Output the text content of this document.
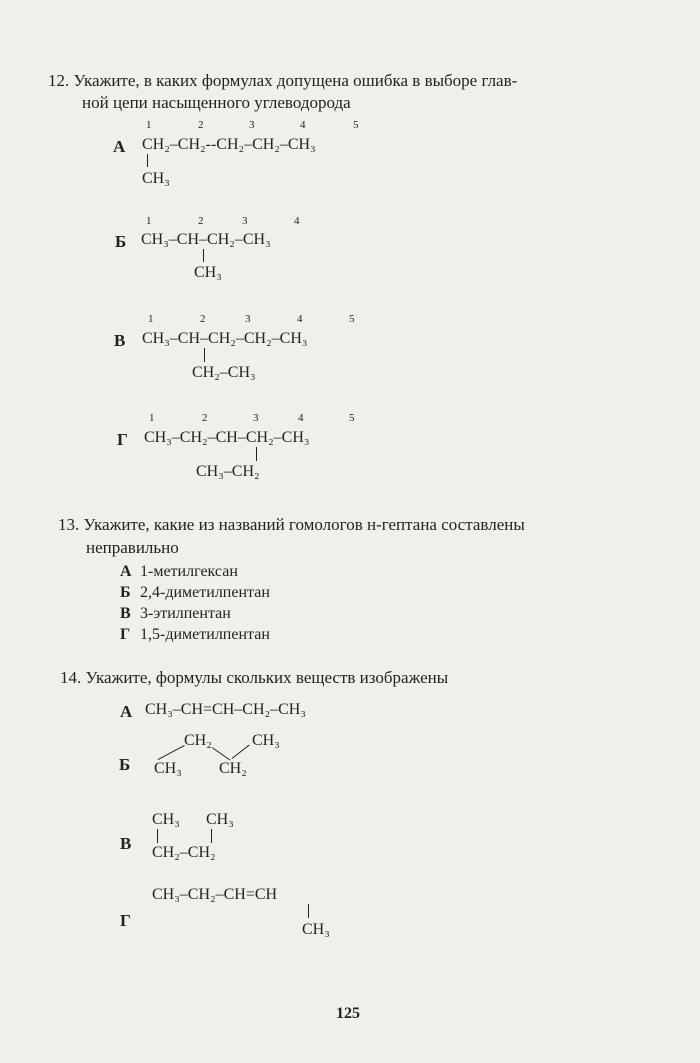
12. Укажите, в каких формулах допущена ошибка в выборе глав-
ной цепи насыщенного углеводорода
А
1	2	3	4	5
CH₂–CH₂--CH₂–CH₂–CH₃
CH₃
Б
1	2	3	4
CH₃–CH–CH₂–CH₃
CH₃
В
1	2	3	4	5
CH₃–CH–CH₂–CH₂–CH₃
CH₂–CH₃
Г
1	2	3	4	5
CH₃–CH₂–CH–CH₂–CH₃
CH₃–CH₂
13. Укажите, какие из названий гомологов н-гептана составлены
неправильно
А 1-метилгексан
Б 2,4-диметилпентан
В 3-этилпентан
Г 1,5-диметилпентан
14. Укажите, формулы скольких веществ изображены
А CH₃–CH=CH–CH₂–CH₃
Б
CH₂	CH₃
CH₃ CH₂
В
CH₃ CH₃
CH₂–CH₂
Г
CH₃–CH₂–CH=CH
CH₃
125
